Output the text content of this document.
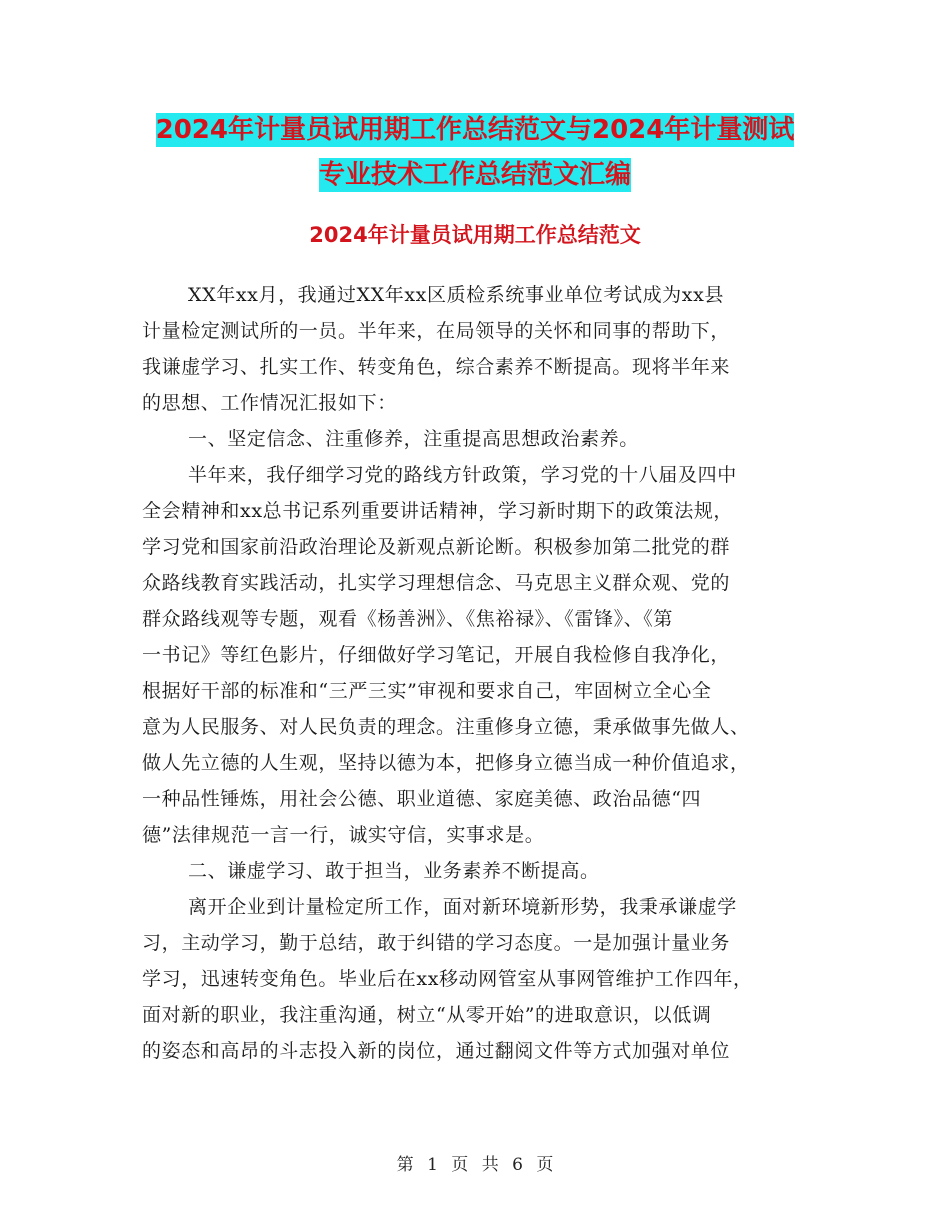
2024年计量员试用期工作总结范文与2024年计量测试
专业技术工作总结范文汇编
2024年计量员试用期工作总结范文
XX年xx月，我通过XX年xx区质检系统事业单位考试成为xx县
计量检定测试所的一员。半年来，在局领导的关怀和同事的帮助下，
我谦虚学习、扎实工作、转变角色，综合素养不断提高。现将半年来
的思想、工作情况汇报如下：
一、坚定信念、注重修养，注重提高思想政治素养。
半年来，我仔细学习党的路线方针政策，学习党的十八届及四中
全会精神和xx总书记系列重要讲话精神，学习新时期下的政策法规，
学习党和国家前沿政治理论及新观点新论断。积极参加第二批党的群
众路线教育实践活动，扎实学习理想信念、马克思主义群众观、党的
群众路线观等专题，观看《杨善洲》、《焦裕禄》、《雷锋》、《第
一书记》等红色影片，仔细做好学习笔记，开展自我检修自我净化，
根据好干部的标准和“三严三实”审视和要求自己，牢固树立全心全
意为人民服务、对人民负责的理念。注重修身立德，秉承做事先做人、
做人先立德的人生观，坚持以德为本，把修身立德当成一种价值追求，
一种品性锤炼，用社会公德、职业道德、家庭美德、政治品德“四
德”法律规范一言一行，诚实守信，实事求是。
二、谦虚学习、敢于担当，业务素养不断提高。
离开企业到计量检定所工作，面对新环境新形势，我秉承谦虚学
习，主动学习，勤于总结，敢于纠错的学习态度。一是加强计量业务
学习，迅速转变角色。毕业后在xx移动网管室从事网管维护工作四年，
面对新的职业，我注重沟通，树立“从零开始”的进取意识，以低调
的姿态和高昂的斗志投入新的岗位，通过翻阅文件等方式加强对单位
第 1 页 共 6 页
